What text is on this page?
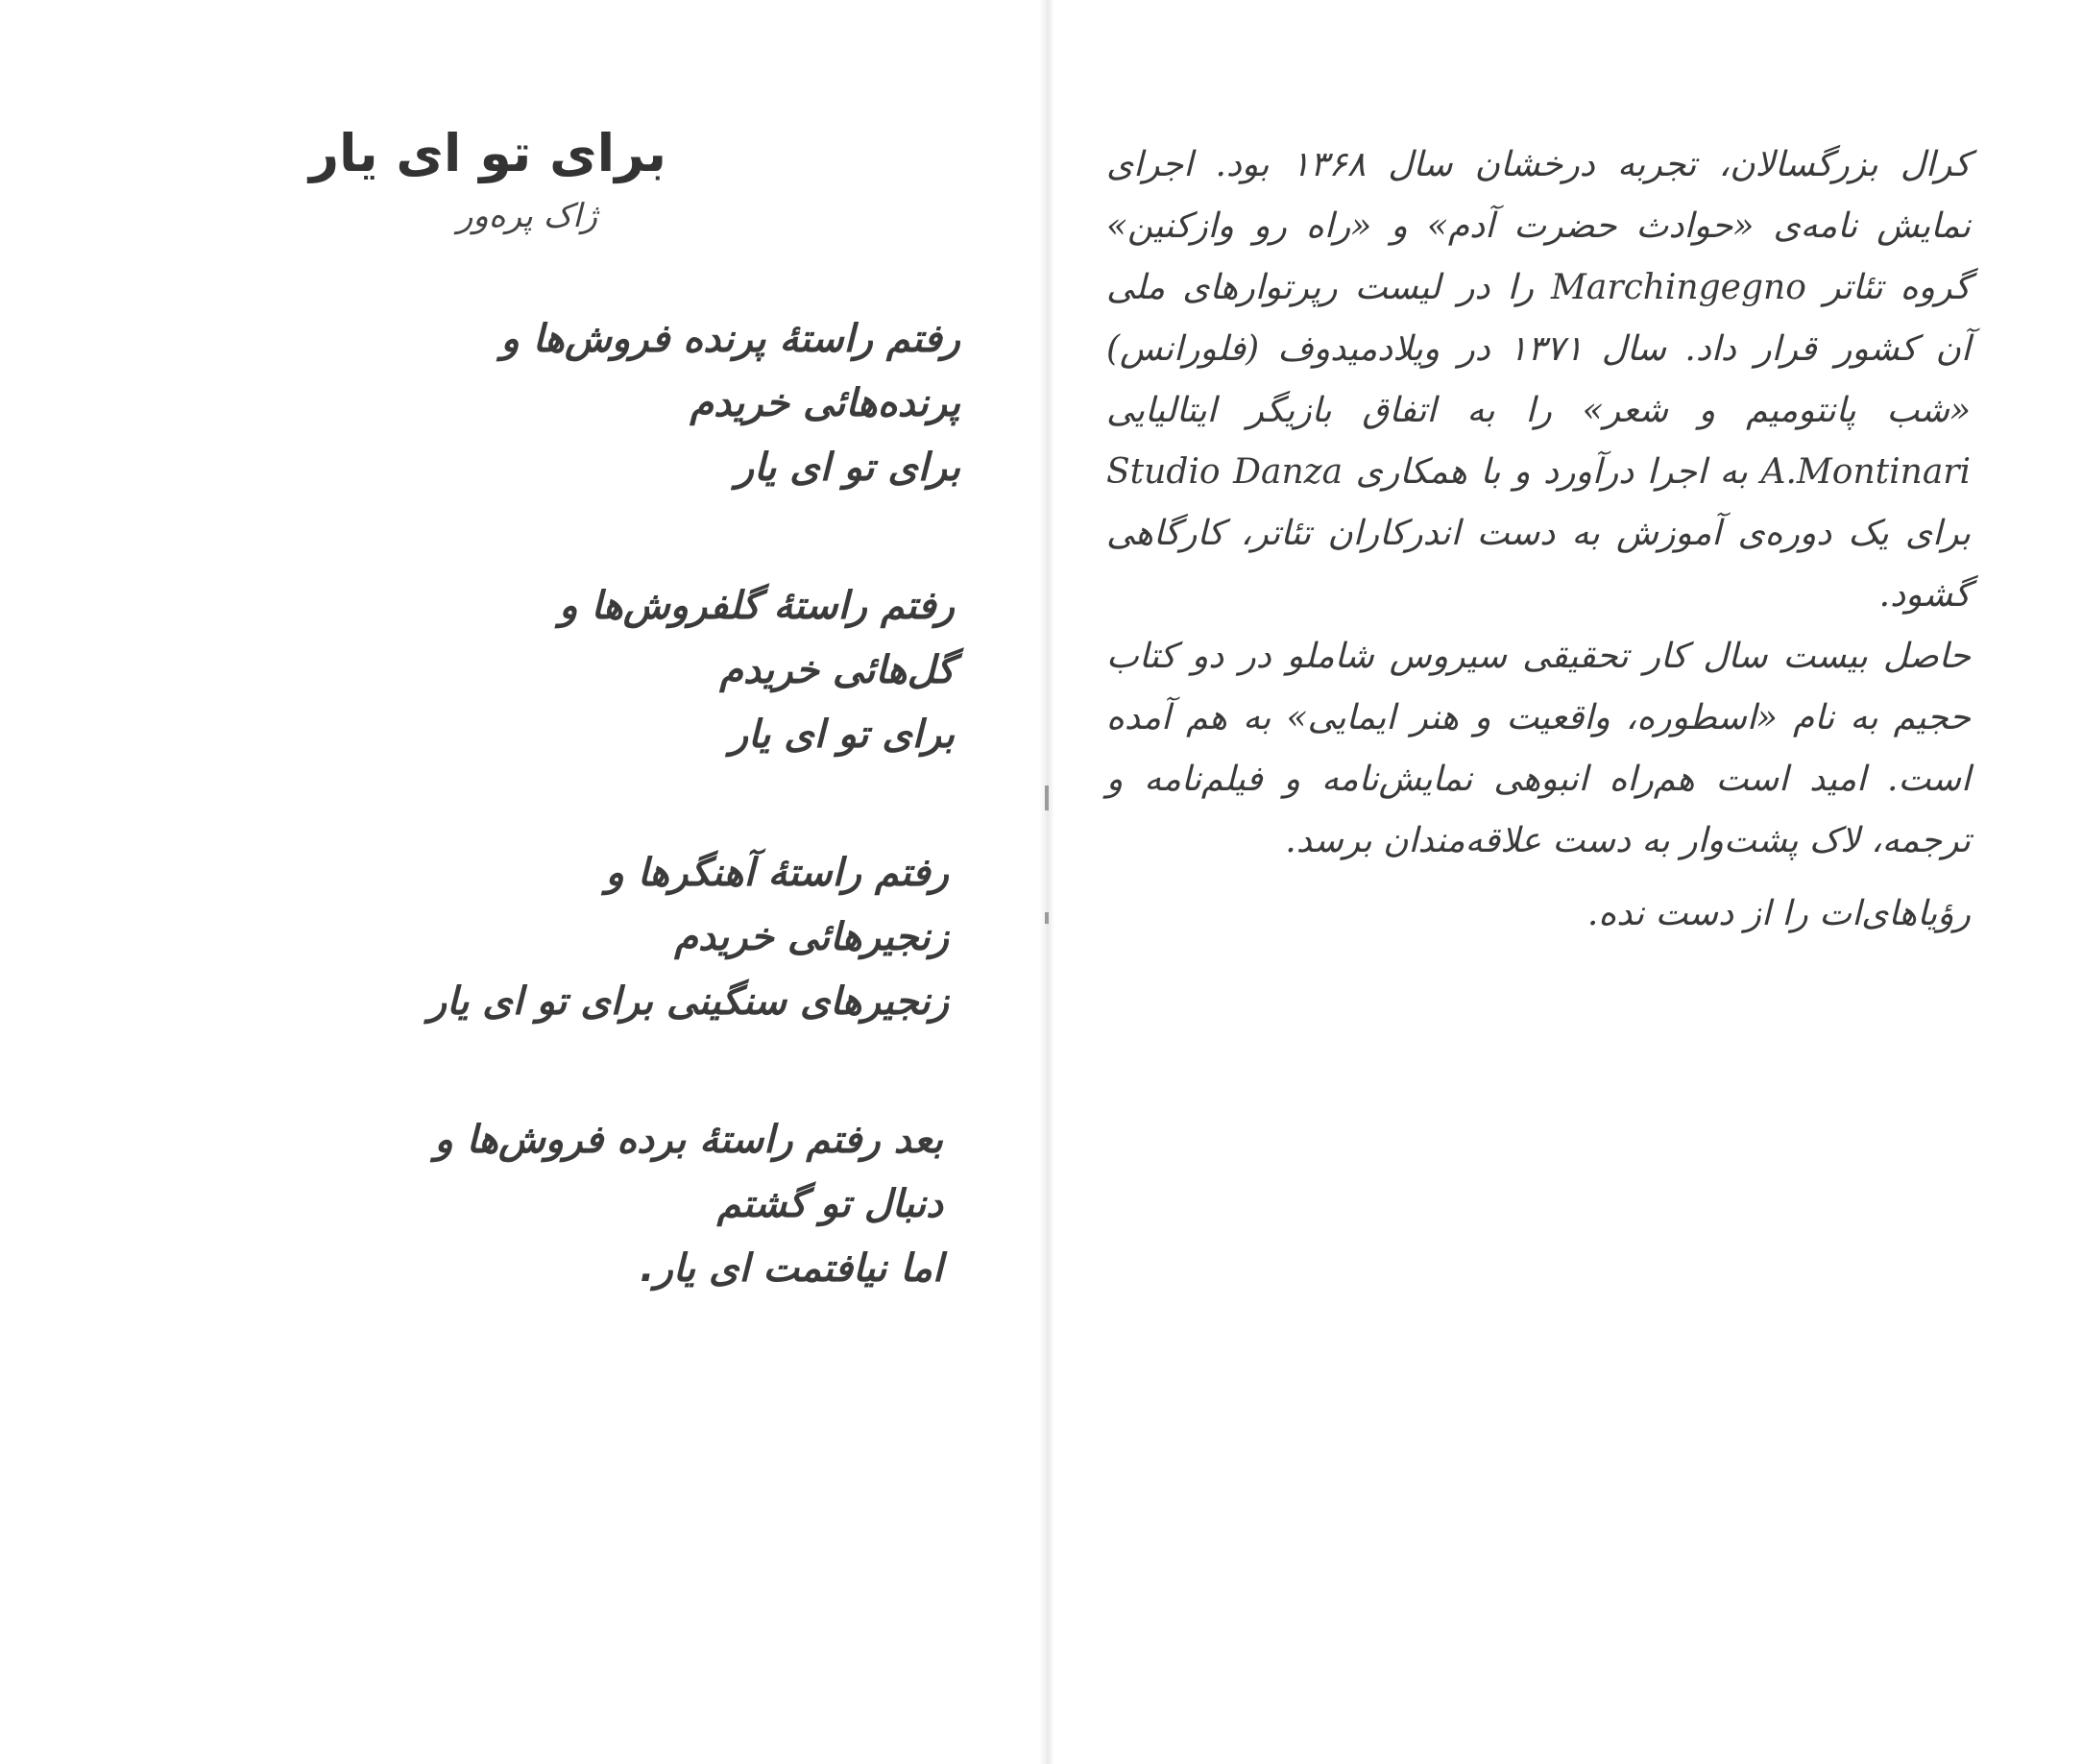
برای تو ای یار
ژاک پره‌ور
رفتم راستهٔ پرنده فروش‌ها و
پرنده‌هائی خریدم
برای تو ای یار
رفتم راستهٔ گلفروش‌ها و
گل‌هائی خریدم
برای تو ای یار
رفتم راستهٔ آهنگرها و
زنجیرهائی خریدم
زنجیرهای سنگینی برای تو ای یار
بعد رفتم راستهٔ برده فروش‌ها و
دنبال تو گشتم
اما نیافتمت ای یار.

کرال بزرگسالان، تجربه درخشان سال ۱۳۶۸ بود. اجرای نمایش نامه‌ی «حوادث حضرت آدم» و «راه رو وازکنین» گروه تئاتر Marchingegno را در لیست رپرتوارهای ملی آن کشور قرار داد. سال ۱۳۷۱ در ویلادمیدوف (فلورانس) «شب پانتومیم و شعر» را به اتفاق بازیگر ایتالیایی A.Montinari به اجرا درآورد و با همکاری Studio Danza برای یک دوره‌ی آموزش به دست اندرکاران تئاتر، کارگاهی گشود.

حاصل بیست سال کار تحقیقی سیروس شاملو در دو کتاب حجیم به نام «اسطوره، واقعیت و هنر ایمایی» به هم آمده است. امید است هم‌راه انبوهی نمایش‌نامه و فیلم‌نامه و ترجمه، لاک پشت‌وار به دست علاقه‌مندان برسد.

رؤیاهای‌ات را از دست نده.
